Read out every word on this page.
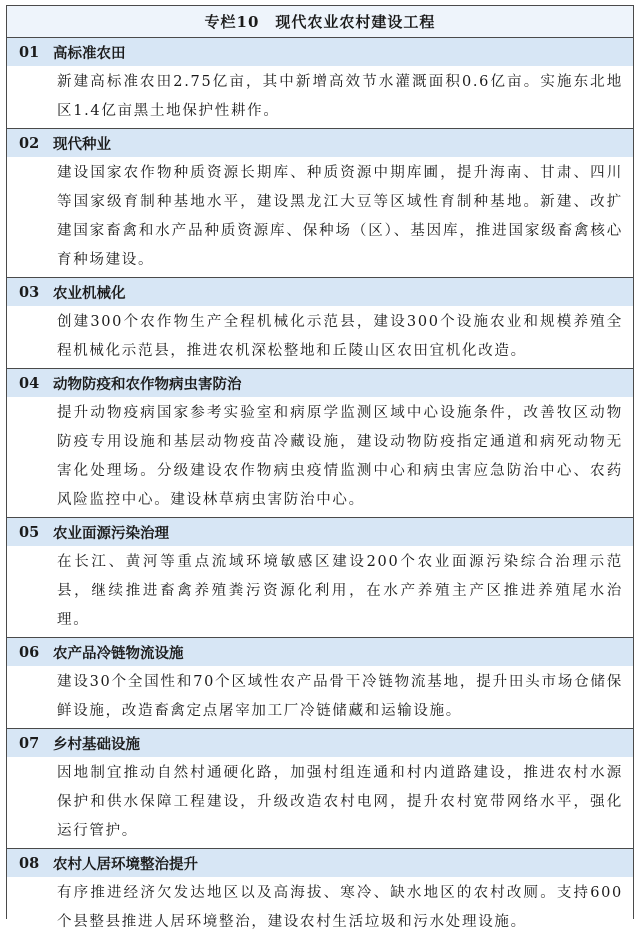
专栏10　现代农业农村建设工程
01 高标准农田
新建高标准农田2.75亿亩，其中新增高效节水灌溉面积0.6亿亩。实施东北地区1.4亿亩黑土地保护性耕作。
02 现代种业
建设国家农作物种质资源长期库、种质资源中期库圃，提升海南、甘肃、四川等国家级育制种基地水平，建设黑龙江大豆等区域性育制种基地。新建、改扩建国家畜禽和水产品种质资源库、保种场（区）、基因库，推进国家级畜禽核心育种场建设。
03 农业机械化
创建300个农作物生产全程机械化示范县，建设300个设施农业和规模养殖全程机械化示范县，推进农机深松整地和丘陵山区农田宜机化改造。
04 动物防疫和农作物病虫害防治
提升动物疫病国家参考实验室和病原学监测区域中心设施条件，改善牧区动物防疫专用设施和基层动物疫苗冷藏设施，建设动物防疫指定通道和病死动物无害化处理场。分级建设农作物病虫疫情监测中心和病虫害应急防治中心、农药风险监控中心。建设林草病虫害防治中心。
05 农业面源污染治理
在长江、黄河等重点流域环境敏感区建设200个农业面源污染综合治理示范县，继续推进畜禽养殖粪污资源化利用，在水产养殖主产区推进养殖尾水治理。
06 农产品冷链物流设施
建设30个全国性和70个区域性农产品骨干冷链物流基地，提升田头市场仓储保鲜设施，改造畜禽定点屠宰加工厂冷链储藏和运输设施。
07 乡村基础设施
因地制宜推动自然村通硬化路，加强村组连通和村内道路建设，推进农村水源保护和供水保障工程建设，升级改造农村电网，提升农村宽带网络水平，强化运行管护。
08 农村人居环境整治提升
有序推进经济欠发达地区以及高海拔、寒冷、缺水地区的农村改厕。支持600个县整县推进人居环境整治，建设农村生活垃圾和污水处理设施。
